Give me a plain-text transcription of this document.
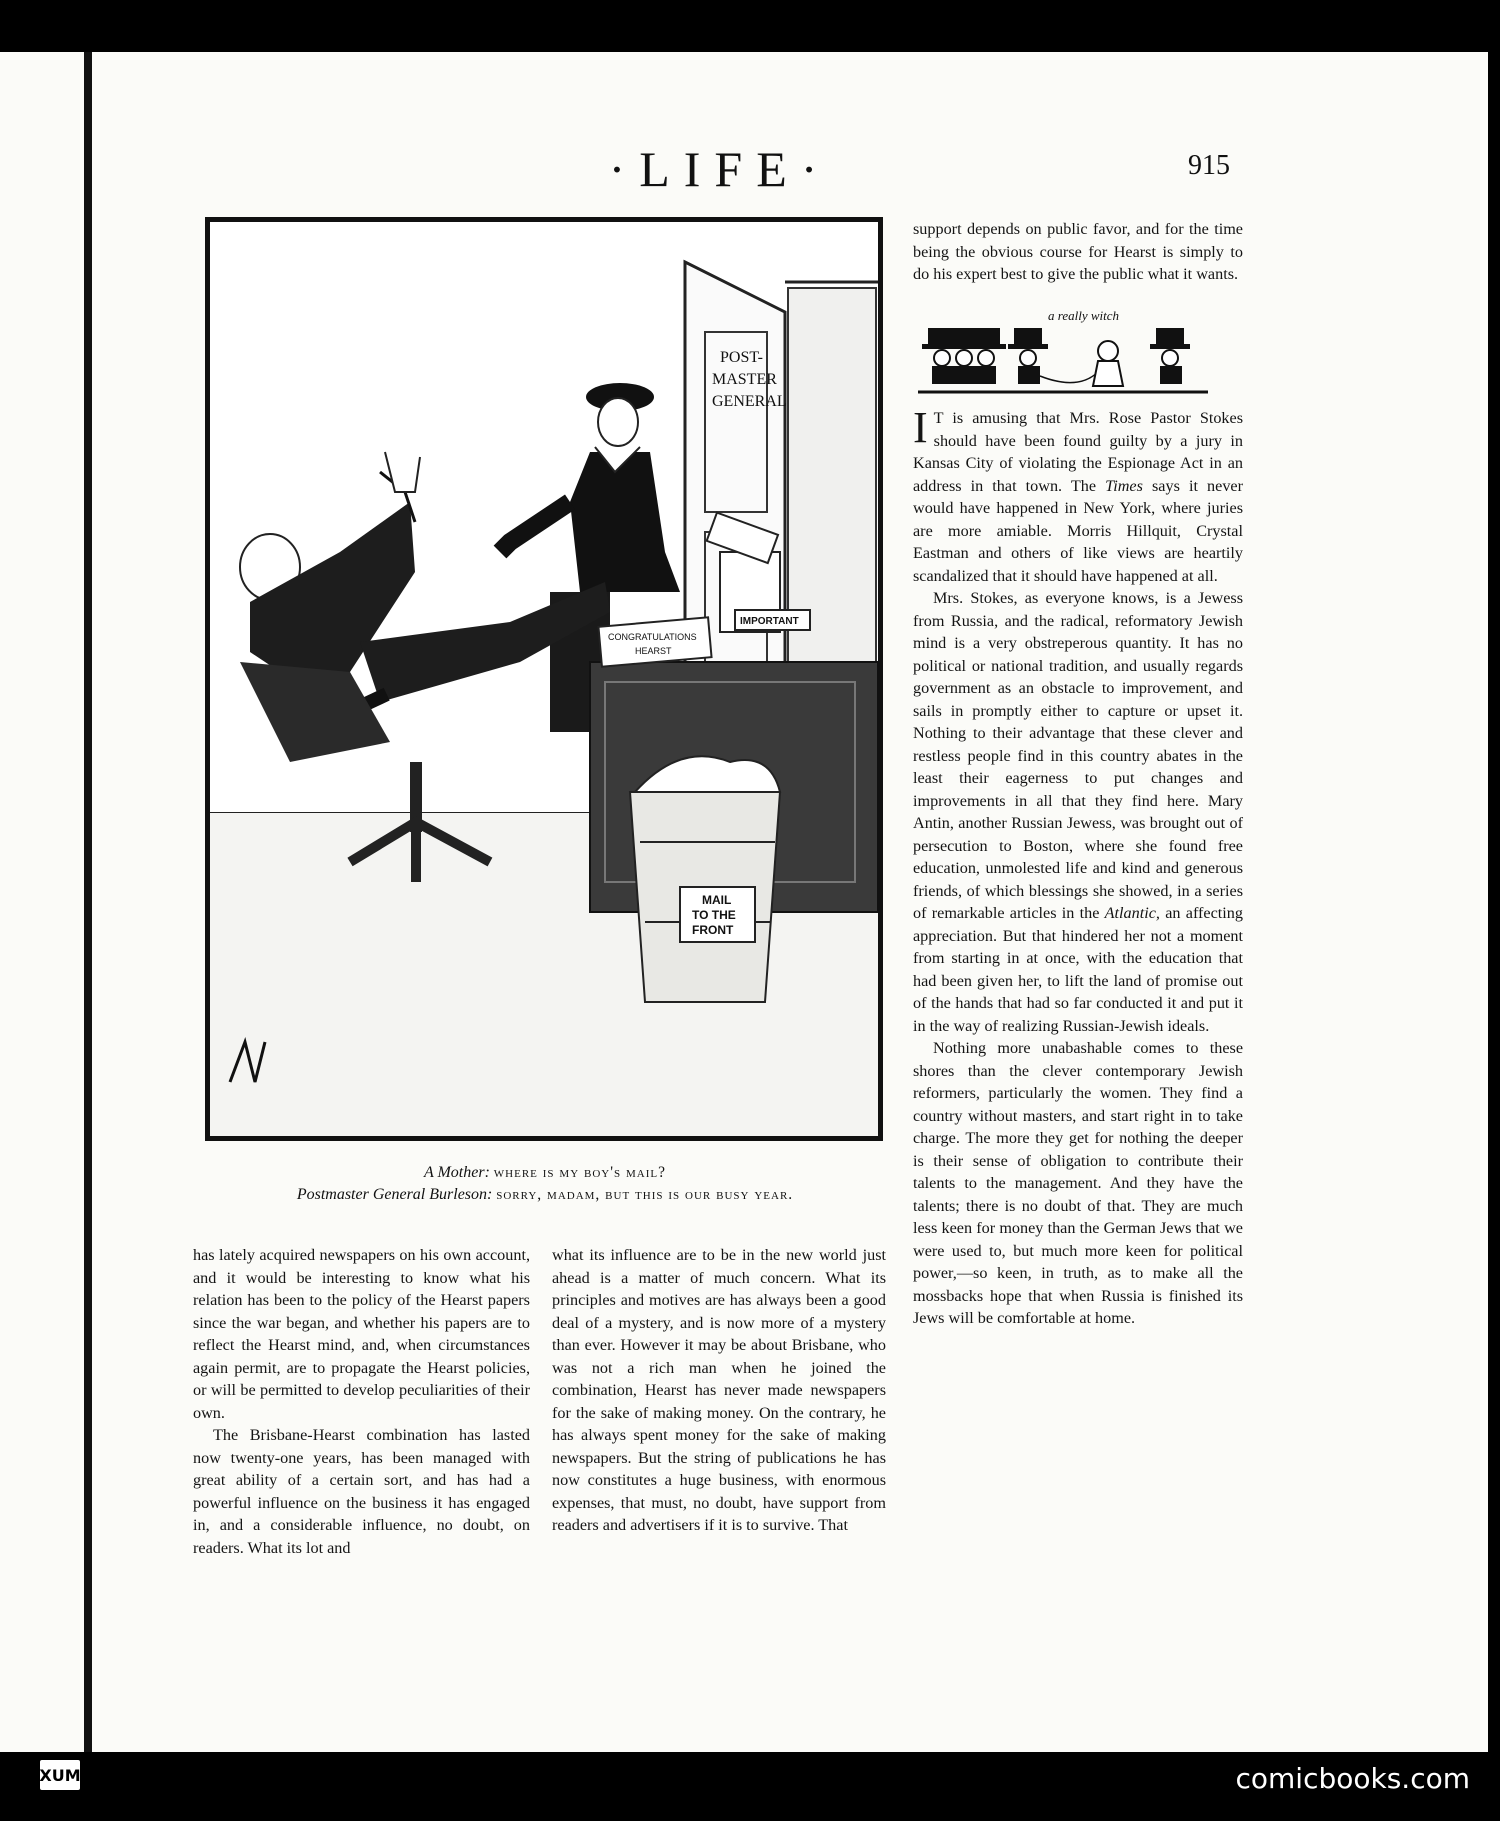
·LIFE·	915
POST-
MASTER
GENERAL
CONGRATULATIONS
HEARST
IMPORTANT
MAIL
TO THE
FRONT
A Mother: where is my boy's mail?
Postmaster General Burleson: sorry, madam, but this is our busy year.

support depends on public favor, and for the time being the obvious course for Hearst is simply to do his expert best to give the public what it wants.

a really witch

I T is amusing that Mrs. Rose Pastor Stokes should have been found guilty by a jury in Kansas City of violating the Espionage Act in an address in that town. The Times says it never would have happened in New York, where juries are more amiable. Morris Hillquit, Crystal Eastman and others of like views are heartily scandalized that it should have happened at all.

Mrs. Stokes, as everyone knows, is a Jewess from Russia, and the radical, reformatory Jewish mind is a very obstreperous quantity. It has no political or national tradition, and usually regards government as an obstacle to improvement, and sails in promptly either to capture or upset it. Nothing to their advantage that these clever and restless people find in this country abates in the least their eagerness to put changes and improvements in all that they find here. Mary Antin, another Russian Jewess, was brought out of persecution to Boston, where she found free education, unmolested life and kind and generous friends, of which blessings she showed, in a series of remarkable articles in the Atlantic, an affecting appreciation. But that hindered her not a moment from starting in at once, with the education that had been given her, to lift the land of promise out of the hands that had so far conducted it and put it in the way of realizing Russian-Jewish ideals.

Nothing more unabashable comes to these shores than the clever contemporary Jewish reformers, particularly the women. They find a country without masters, and start right in to take charge. The more they get for nothing the deeper is their sense of obligation to contribute their talents to the management. And they have the talents; there is no doubt of that. They are much less keen for money than the German Jews that we were used to, but much more keen for political power,—so keen, in truth, as to make all the mossbacks hope that when Russia is finished its Jews will be comfortable at home.

has lately acquired newspapers on his own account, and it would be interesting to know what his relation has been to the policy of the Hearst papers since the war began, and whether his papers are to reflect the Hearst mind, and, when circumstances again permit, are to propagate the Hearst policies, or will be permitted to develop peculiarities of their own.

The Brisbane-Hearst combination has lasted now twenty-one years, has been managed with great ability of a certain sort, and has had a powerful influence on the business it has engaged in, and a considerable influence, no doubt, on readers. What its lot and

what its influence are to be in the new world just ahead is a matter of much concern. What its principles and motives are has always been a good deal of a mystery, and is now more of a mystery than ever. However it may be about Brisbane, who was not a rich man when he joined the combination, Hearst has never made newspapers for the sake of making money. On the contrary, he has always spent money for the sake of making newspapers. But the string of publications he has now constitutes a huge business, with enormous expenses, that must, no doubt, have support from readers and advertisers if it is to survive. That

XUM	comicbooks.com
